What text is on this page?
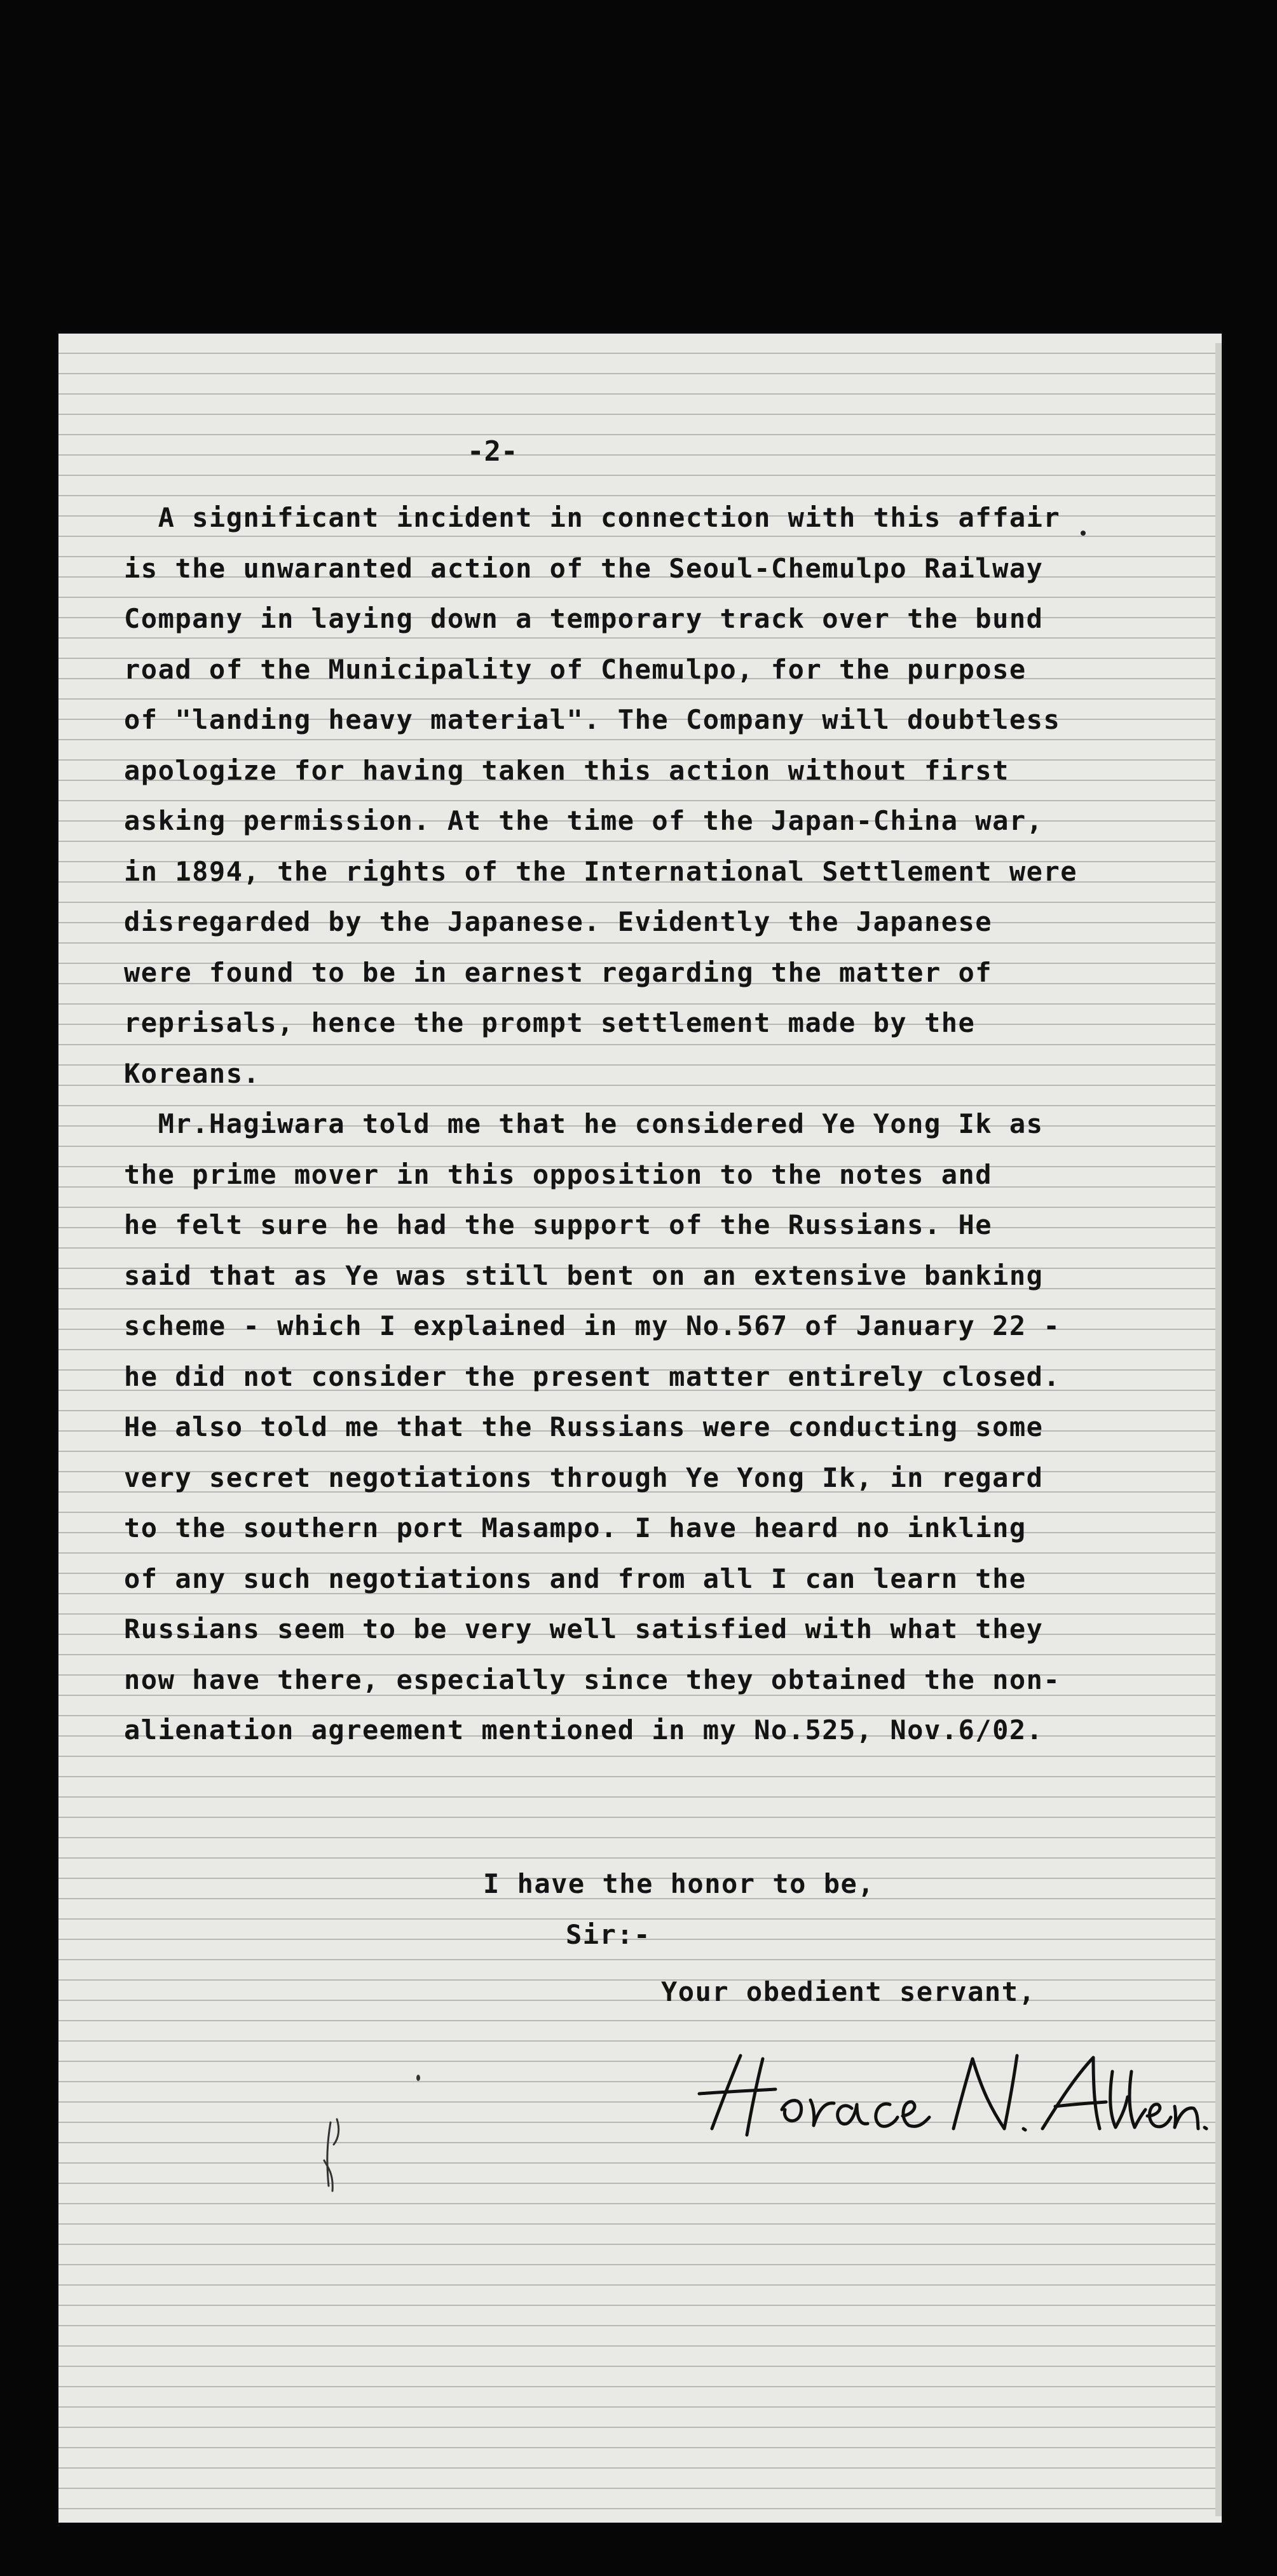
-2-
A significant incident in connection with this affair
is the unwaranted action of the Seoul-Chemulpo Railway
Company in laying down a temporary track over the bund
road of the Municipality of Chemulpo, for the purpose
of "landing heavy material". The Company will doubtless
apologize for having taken this action without first
asking permission. At the time of the Japan-China war,
in 1894, the rights of the International Settlement were
disregarded by the Japanese. Evidently the Japanese
were found to be in earnest regarding the matter of
reprisals, hence the prompt settlement made by the
Koreans.
Mr.Hagiwara told me that he considered Ye Yong Ik as
the prime mover in this opposition to the notes and
he felt sure he had the support of the Russians. He
said that as Ye was still bent on an extensive banking
scheme - which I explained in my No.567 of January 22 -
he did not consider the present matter entirely closed.
He also told me that the Russians were conducting some
very secret negotiations through Ye Yong Ik, in regard
to the southern port Masampo. I have heard no inkling
of any such negotiations and from all I can learn the
Russians seem to be very well satisfied with what they
now have there, especially since they obtained the non-
alienation agreement mentioned in my No.525, Nov.6/02.
I have the honor to be,
Sir:-
Your obedient servant,
